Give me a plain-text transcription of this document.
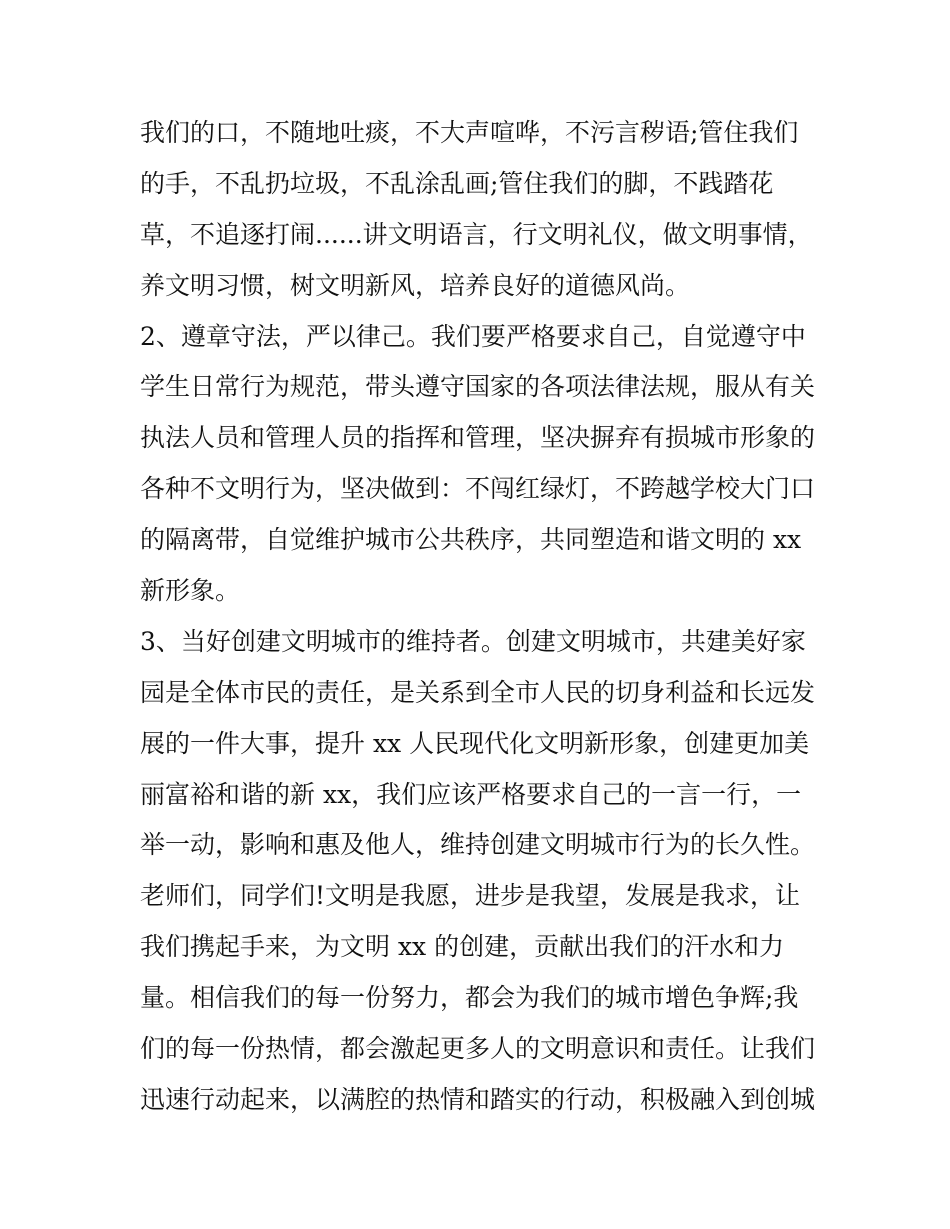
我们的口，不随地吐痰，不大声喧哗，不污言秽语;管住我们
的手，不乱扔垃圾，不乱涂乱画;管住我们的脚，不践踏花
草，不追逐打闹......讲文明语言，行文明礼仪，做文明事情，
养文明习惯，树文明新风，培养良好的道德风尚。
2、遵章守法，严以律己。我们要严格要求自己，自觉遵守中
学生日常行为规范，带头遵守国家的各项法律法规，服从有关
执法人员和管理人员的指挥和管理，坚决摒弃有损城市形象的
各种不文明行为，坚决做到：不闯红绿灯，不跨越学校大门口
的隔离带，自觉维护城市公共秩序，共同塑造和谐文明的 xx
新形象。
3、当好创建文明城市的维持者。创建文明城市，共建美好家
园是全体市民的责任，是关系到全市人民的切身利益和长远发
展的一件大事，提升 xx 人民现代化文明新形象，创建更加美
丽富裕和谐的新 xx，我们应该严格要求自己的一言一行，一
举一动，影响和惠及他人，维持创建文明城市行为的长久性。
老师们，同学们!文明是我愿，进步是我望，发展是我求，让
我们携起手来，为文明 xx 的创建，贡献出我们的汗水和力
量。相信我们的每一份努力，都会为我们的城市增色争辉;我
们的每一份热情，都会激起更多人的文明意识和责任。让我们
迅速行动起来，以满腔的热情和踏实的行动，积极融入到创城
